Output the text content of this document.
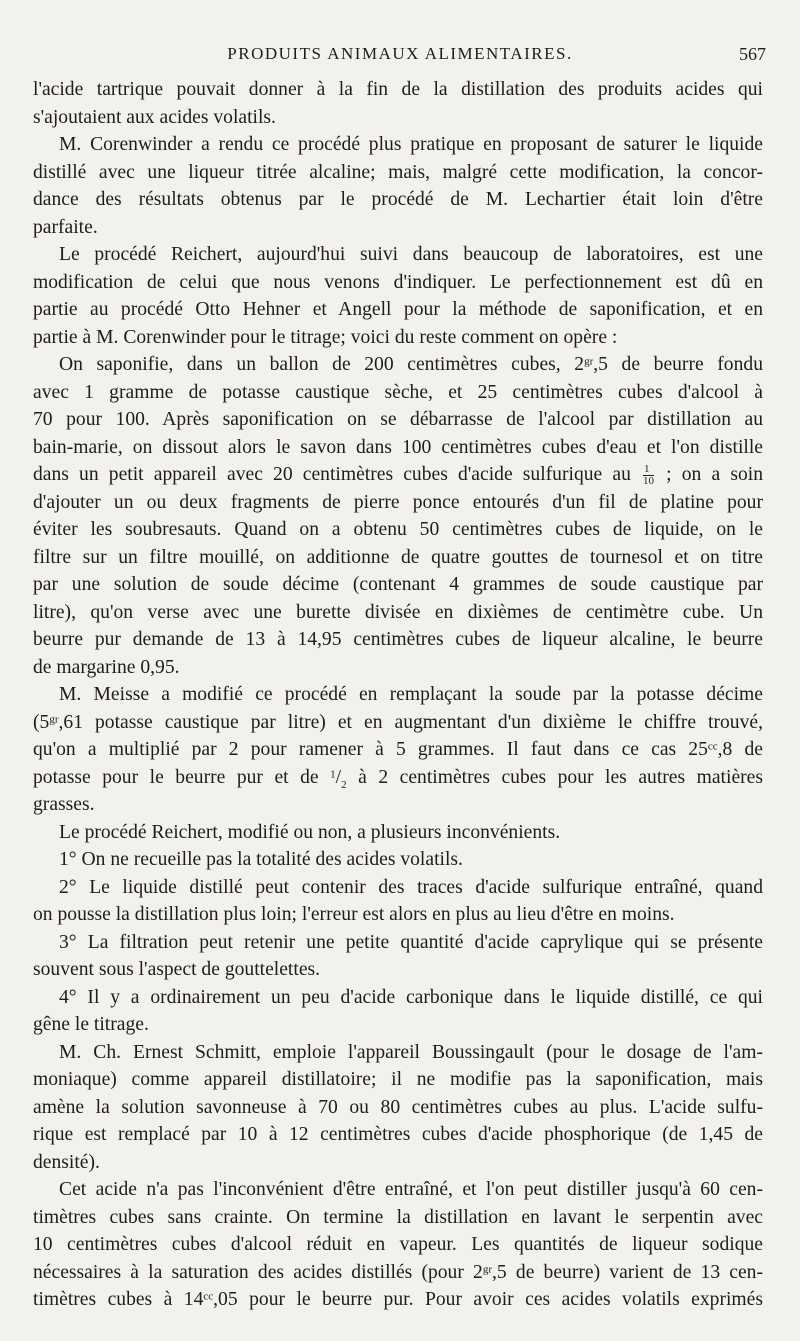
PRODUITS ANIMAUX ALIMENTAIRES.	567
l'acide tartrique pouvait donner à la fin de la distillation des produits acides qui
s'ajoutaient aux acides volatils.
M. Corenwinder a rendu ce procédé plus pratique en proposant de saturer le liquide
distillé avec une liqueur titrée alcaline; mais, malgré cette modification, la concor-
dance des résultats obtenus par le procédé de M. Lechartier était loin d'être
parfaite.
Le procédé Reichert, aujourd'hui suivi dans beaucoup de laboratoires, est une
modification de celui que nous venons d'indiquer. Le perfectionnement est dû en
partie au procédé Otto Hehner et Angell pour la méthode de saponification, et en
partie à M. Corenwinder pour le titrage; voici du reste comment on opère :
On saponifie, dans un ballon de 200 centimètres cubes, $2^{gr},5$ de beurre fondu
avec 1 gramme de potasse caustique sèche, et 25 centimètres cubes d'alcool à
70 pour 100. Après saponification on se débarrasse de l'alcool par distillation au
bain-marie, on dissout alors le savon dans 100 centimètres cubes d'eau et l'on distille
dans un petit appareil avec 20 centimètres cubes d'acide sulfurique au $\frac{1}{10}$ ; on a soin
d'ajouter un ou deux fragments de pierre ponce entourés d'un fil de platine pour
éviter les soubresauts. Quand on a obtenu 50 centimètres cubes de liquide, on le
filtre sur un filtre mouillé, on additionne de quatre gouttes de tournesol et on titre
par une solution de soude décime (contenant 4 grammes de soude caustique par
litre), qu'on verse avec une burette divisée en dixièmes de centimètre cube. Un
beurre pur demande de 13 à 14,95 centimètres cubes de liqueur alcaline, le beurre
de margarine 0,95.
M. Meisse a modifié ce procédé en remplaçant la soude par la potasse décime
($5^{gr},61$ potasse caustique par litre) et en augmentant d'un dixième le chiffre trouvé,
qu'on a multiplié par 2 pour ramener à 5 grammes. Il faut dans ce cas $25^{cc},8$ de
potasse pour le beurre pur et de $^1/_2$ à 2 centimètres cubes pour les autres matières
grasses.
Le procédé Reichert, modifié ou non, a plusieurs inconvénients.
1° On ne recueille pas la totalité des acides volatils.
2° Le liquide distillé peut contenir des traces d'acide sulfurique entraîné, quand
on pousse la distillation plus loin; l'erreur est alors en plus au lieu d'être en moins.
3° La filtration peut retenir une petite quantité d'acide caprylique qui se présente
souvent sous l'aspect de gouttelettes.
4° Il y a ordinairement un peu d'acide carbonique dans le liquide distillé, ce qui
gêne le titrage.
M. Ch. Ernest Schmitt, emploie l'appareil Boussingault (pour le dosage de l'am-
moniaque) comme appareil distillatoire; il ne modifie pas la saponification, mais
amène la solution savonneuse à 70 ou 80 centimètres cubes au plus. L'acide sulfu-
rique est remplacé par 10 à 12 centimètres cubes d'acide phosphorique (de 1,45 de
densité).
Cet acide n'a pas l'inconvénient d'être entraîné, et l'on peut distiller jusqu'à 60 cen-
timètres cubes sans crainte. On termine la distillation en lavant le serpentin avec
10 centimètres cubes d'alcool réduit en vapeur. Les quantités de liqueur sodique
nécessaires à la saturation des acides distillés (pour $2^{gr},5$ de beurre) varient de 13 cen-
timètres cubes à $14^{cc},05$ pour le beurre pur. Pour avoir ces acides volatils exprimés
